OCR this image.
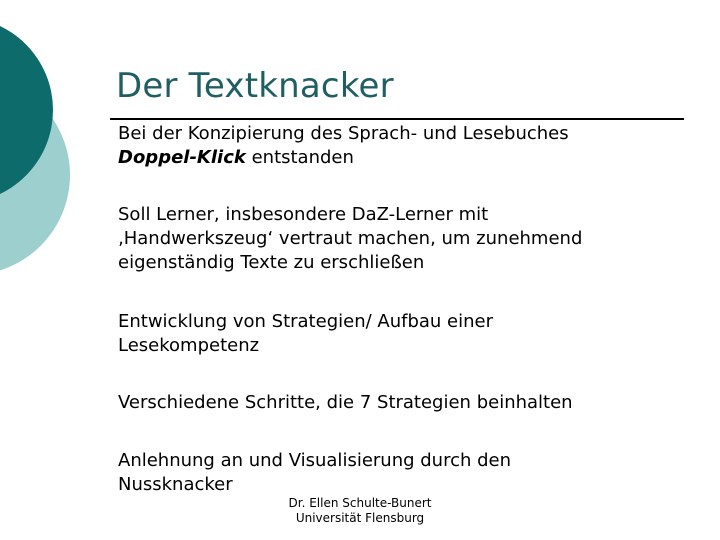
Der Textknacker
Bei der Konzipierung des Sprach- und Lesebuches
Doppel-Klick entstanden
Soll Lerner, insbesondere DaZ-Lerner mit
‚Handwerkszeug‘ vertraut machen, um zunehmend
eigenständig Texte zu erschließen
Entwicklung von Strategien/ Aufbau einer
Lesekompetenz
Verschiedene Schritte, die 7 Strategien beinhalten
Anlehnung an und Visualisierung durch den
Nussknacker
Dr. Ellen Schulte-Bunert
Universität Flensburg
